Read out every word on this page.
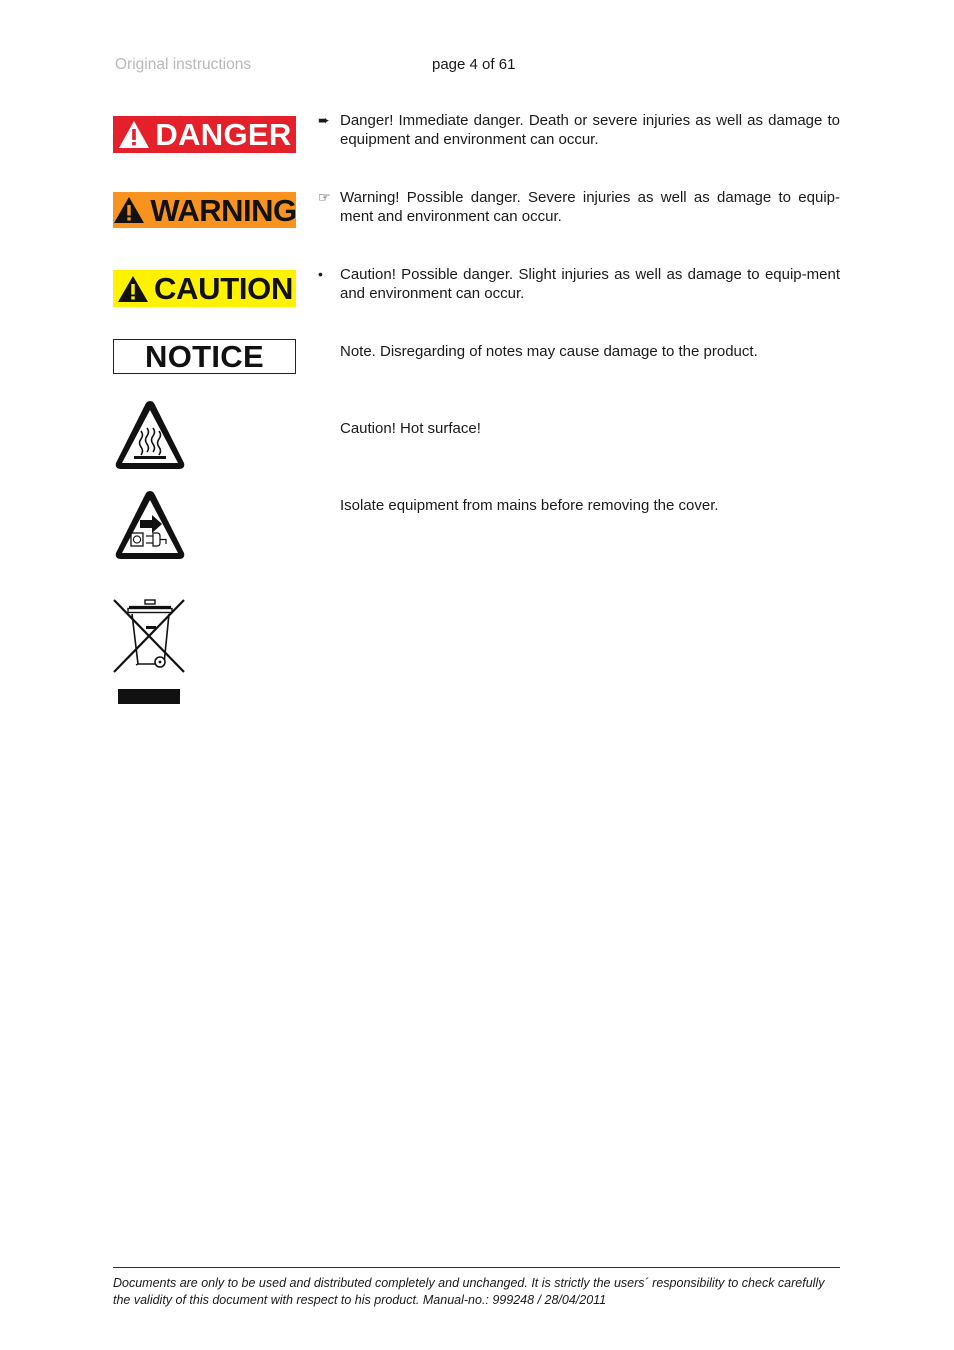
Original instructions	page 4 of 61
DANGER
WARNING
CAUTION
NOTICE
➨ Danger! Immediate danger. Death or severe injuries as well as damage to equipment and environment can occur.
☞ Warning! Possible danger. Severe injuries as well as damage to equip-ment and environment can occur.
•	Caution! Possible danger. Slight injuries as well as damage to equip-ment and environment can occur.
Note. Disregarding of notes may cause damage to the product.
Caution! Hot surface!
Isolate equipment from mains before removing the cover.
Documents are only to be used and distributed completely and unchanged. It is strictly the users´ responsibility to check carefully the validity of this document with respect to his product. Manual-no.: 999248 / 28/04/2011
